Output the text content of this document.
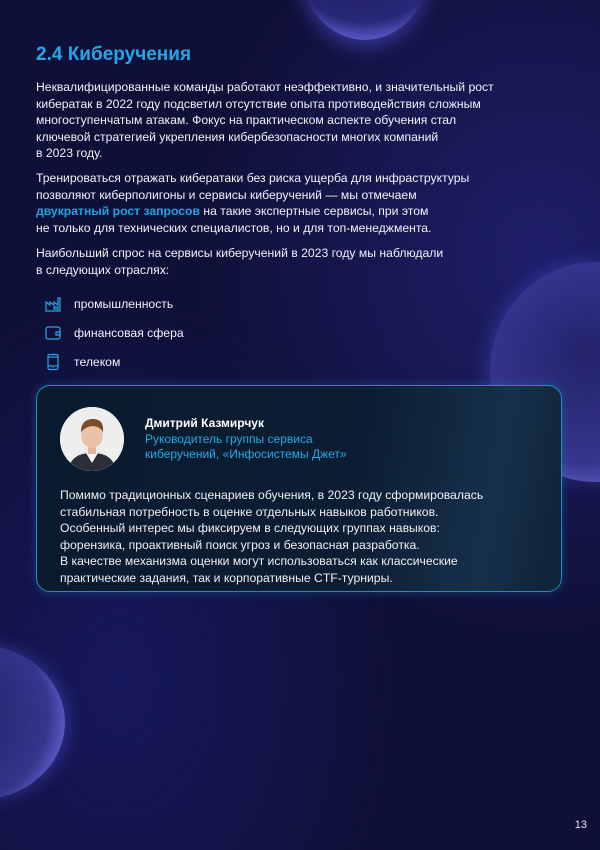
2.4 Киберучения

Неквалифицированные команды работают неэффективно, и значительный рост
кибератак в 2022 году подсветил отсутствие опыта противодействия сложным
многоступенчатым атакам. Фокус на практическом аспекте обучения стал
ключевой стратегией укрепления кибербезопасности многих компаний
в 2023 году.

Тренироваться отражать кибератаки без риска ущерба для инфраструктуры
позволяют киберполигоны и сервисы киберучений — мы отмечаем
двукратный рост запросов на такие экспертные сервисы, при этом
не только для технических специалистов, но и для топ-менеджмента.

Наибольший спрос на сервисы киберучений в 2023 году мы наблюдали
в следующих отраслях:

промышленность
финансовая сфера
телеком
Дмитрий Казмирчук
Руководитель группы сервиса
киберучений, «Инфосистемы Джет»

Помимо традиционных сценариев обучения, в 2023 году сформировалась
стабильная потребность в оценке отдельных навыков работников.
Особенный интерес мы фиксируем в следующих группах навыков:
форензика, проактивный поиск угроз и безопасная разработка.
В качестве механизма оценки могут использоваться как классические
практические задания, так и корпоративные CTF-турниры.

13
